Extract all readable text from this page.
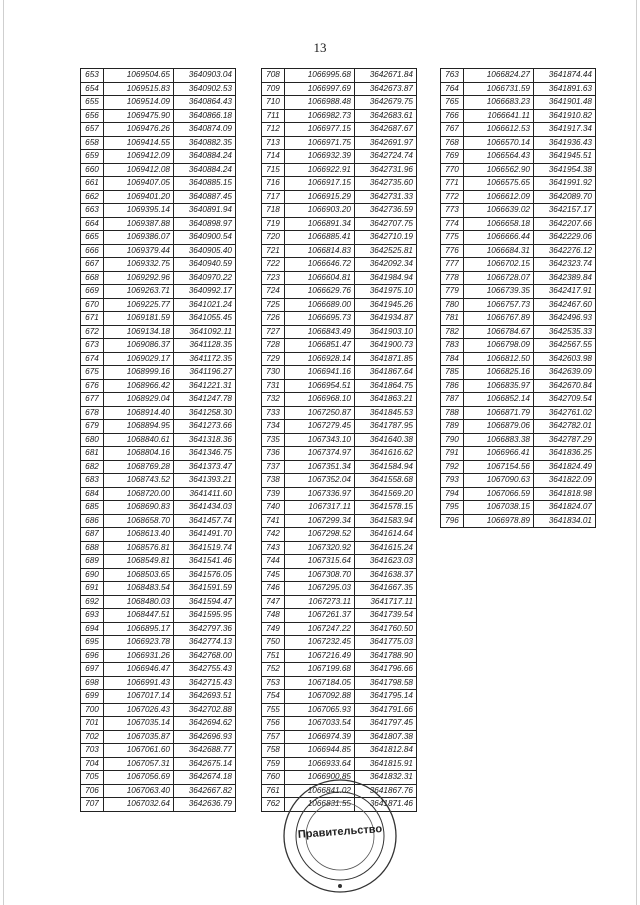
13
653	1069504.65	3640903.04
654	1069515.83	3640902.53
655	1069514.09	3640864.43
656	1069475.90	3640866.18
657	1069476.26	3640874.09
658	1069414.55	3640882.35
659	1069412.09	3640884.24
660	1069412.08	3640884.24
661	1069407.05	3640885.15
662	1069401.20	3640887.45
663	1069395.14	3640891.94
664	1069387.88	3640898.97
665	1069386.07	3640900.54
666	1069379.44	3640905.40
667	1069332.75	3640940.59
668	1069292.96	3640970.22
669	1069263.71	3640992.17
670	1069225.77	3641021.24
671	1069181.59	3641055.45
672	1069134.18	3641092.11
673	1069086.37	3641128.35
674	1069029.17	3641172.35
675	1068999.16	3641196.27
676	1068966.42	3641221.31
677	1068929.04	3641247.78
678	1068914.40	3641258.30
679	1068894.95	3641273.66
680	1068840.61	3641318.36
681	1068804.16	3641346.75
682	1068769.28	3641373.47
683	1068743.52	3641393.21
684	1068720.00	3641411.60
685	1068690.83	3641434.03
686	1068658.70	3641457.74
687	1068613.40	3641491.70
688	1068576.81	3641519.74
689	1068549.81	3641541.46
690	1068503.65	3641576.05
691	1068483.54	3641591.59
692	1068480.03	3641594.47
693	1068447.51	3641595.95
694	1066895.17	3642797.36
695	1066923.78	3642774.13
696	1066931.26	3642768.00
697	1066946.47	3642755.43
698	1066991.43	3642715.43
699	1067017.14	3642693.51
700	1067026.43	3642702.88
701	1067035.14	3642694.62
702	1067035.87	3642696.93
703	1067061.60	3642688.77
704	1067057.31	3642675.14
705	1067056.69	3642674.18
706	1067063.40	3642667.82
707	1067032.64	3642636.79
708	1066995.68	3642671.84
709	1066997.69	3642673.87
710	1066988.48	3642679.75
711	1066982.73	3642683.61
712	1066977.15	3642687.67
713	1066971.75	3642691.97
714	1066932.39	3642724.74
715	1066922.91	3642731.96
716	1066917.15	3642735.60
717	1066915.29	3642731.33
718	1066903.20	3642736.59
719	1066891.34	3642707.75
720	1066885.41	3642710.19
721	1066814.83	3642525.81
722	1066646.72	3642092.34
723	1066604.81	3641984.94
724	1066629.76	3641975.10
725	1066689.00	3641945.26
726	1066695.73	3641934.87
727	1066843.49	3641903.10
728	1066851.47	3641900.73
729	1066928.14	3641871.85
730	1066941.16	3641867.64
731	1066954.51	3641864.75
732	1066968.10	3641863.21
733	1067250.87	3641845.53
734	1067279.45	3641787.95
735	1067343.10	3641640.38
736	1067374.97	3641616.62
737	1067351.34	3641584.94
738	1067352.04	3641558.68
739	1067336.97	3641569.20
740	1067317.11	3641578.15
741	1067299.34	3641583.94
742	1067298.52	3641614.64
743	1067320.92	3641615.24
744	1067315.64	3641623.03
745	1067308.70	3641638.37
746	1067295.03	3641667.35
747	1067273.11	3641717.11
748	1067261.37	3641739.54
749	1067247.22	3641760.50
750	1067232.45	3641775.03
751	1067216.49	3641788.90
752	1067199.68	3641796.66
753	1067184.05	3641798.58
754	1067092.88	3641795.14
755	1067065.93	3641791.66
756	1067033.54	3641797.45
757	1066974.39	3641807.38
758	1066944.85	3641812.84
759	1066933.64	3641815.91
760	1066900.85	3641832.31
761	1066841.02	3641867.76
762	1066831.55	3641871.46
763	1066824.27	3641874.44
764	1066731.59	3641891.63
765	1066683.23	3641901.48
766	1066641.11	3641910.82
767	1066612.53	3641917.34
768	1066570.14	3641936.43
769	1066564.43	3641945.51
770	1066562.90	3641954.38
771	1066575.65	3641991.92
772	1066612.09	3642089.70
773	1066639.02	3642157.17
774	1066658.18	3642207.66
775	1066666.44	3642229.06
776	1066684.31	3642276.12
777	1066702.15	3642323.74
778	1066728.07	3642389.84
779	1066739.35	3642417.91
780	1066757.73	3642467.60
781	1066767.89	3642496.93
782	1066784.67	3642535.33
783	1066798.09	3642567.55
784	1066812.50	3642603.98
785	1066825.16	3642639.09
786	1066835.97	3642670.84
787	1066852.14	3642709.54
788	1066871.79	3642761.02
789	1066879.06	3642782.01
790	1066883.38	3642787.29
791	1066966.41	3641836.25
792	1067154.56	3641824.49
793	1067090.63	3641822.09
794	1067066.59	3641818.98
795	1067038.15	3641824.07
796	1066978.89	3641834.01
Правительство
